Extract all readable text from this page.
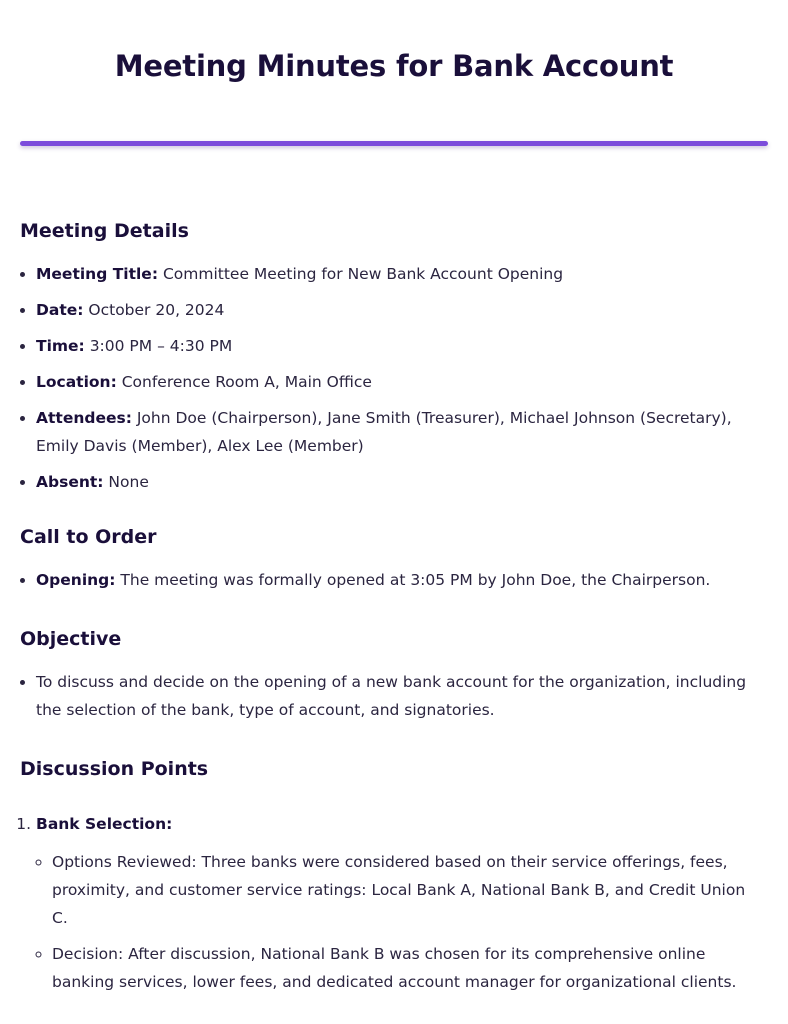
Meeting Minutes for Bank Account
Meeting Details
• Meeting Title: Committee Meeting for New Bank Account Opening
• Date: October 20, 2024
• Time: 3:00 PM – 4:30 PM
• Location: Conference Room A, Main Office
• Attendees: John Doe (Chairperson), Jane Smith (Treasurer), Michael Johnson (Secretary), Emily Davis (Member), Alex Lee (Member)
• Absent: None
Call to Order
• Opening: The meeting was formally opened at 3:05 PM by John Doe, the Chairperson.
Objective
• To discuss and decide on the opening of a new bank account for the organization, including the selection of the bank, type of account, and signatories.
Discussion Points
1. Bank Selection:
◦ Options Reviewed: Three banks were considered based on their service offerings, fees, proximity, and customer service ratings: Local Bank A, National Bank B, and Credit Union C.
◦ Decision: After discussion, National Bank B was chosen for its comprehensive online banking services, lower fees, and dedicated account manager for organizational clients.
